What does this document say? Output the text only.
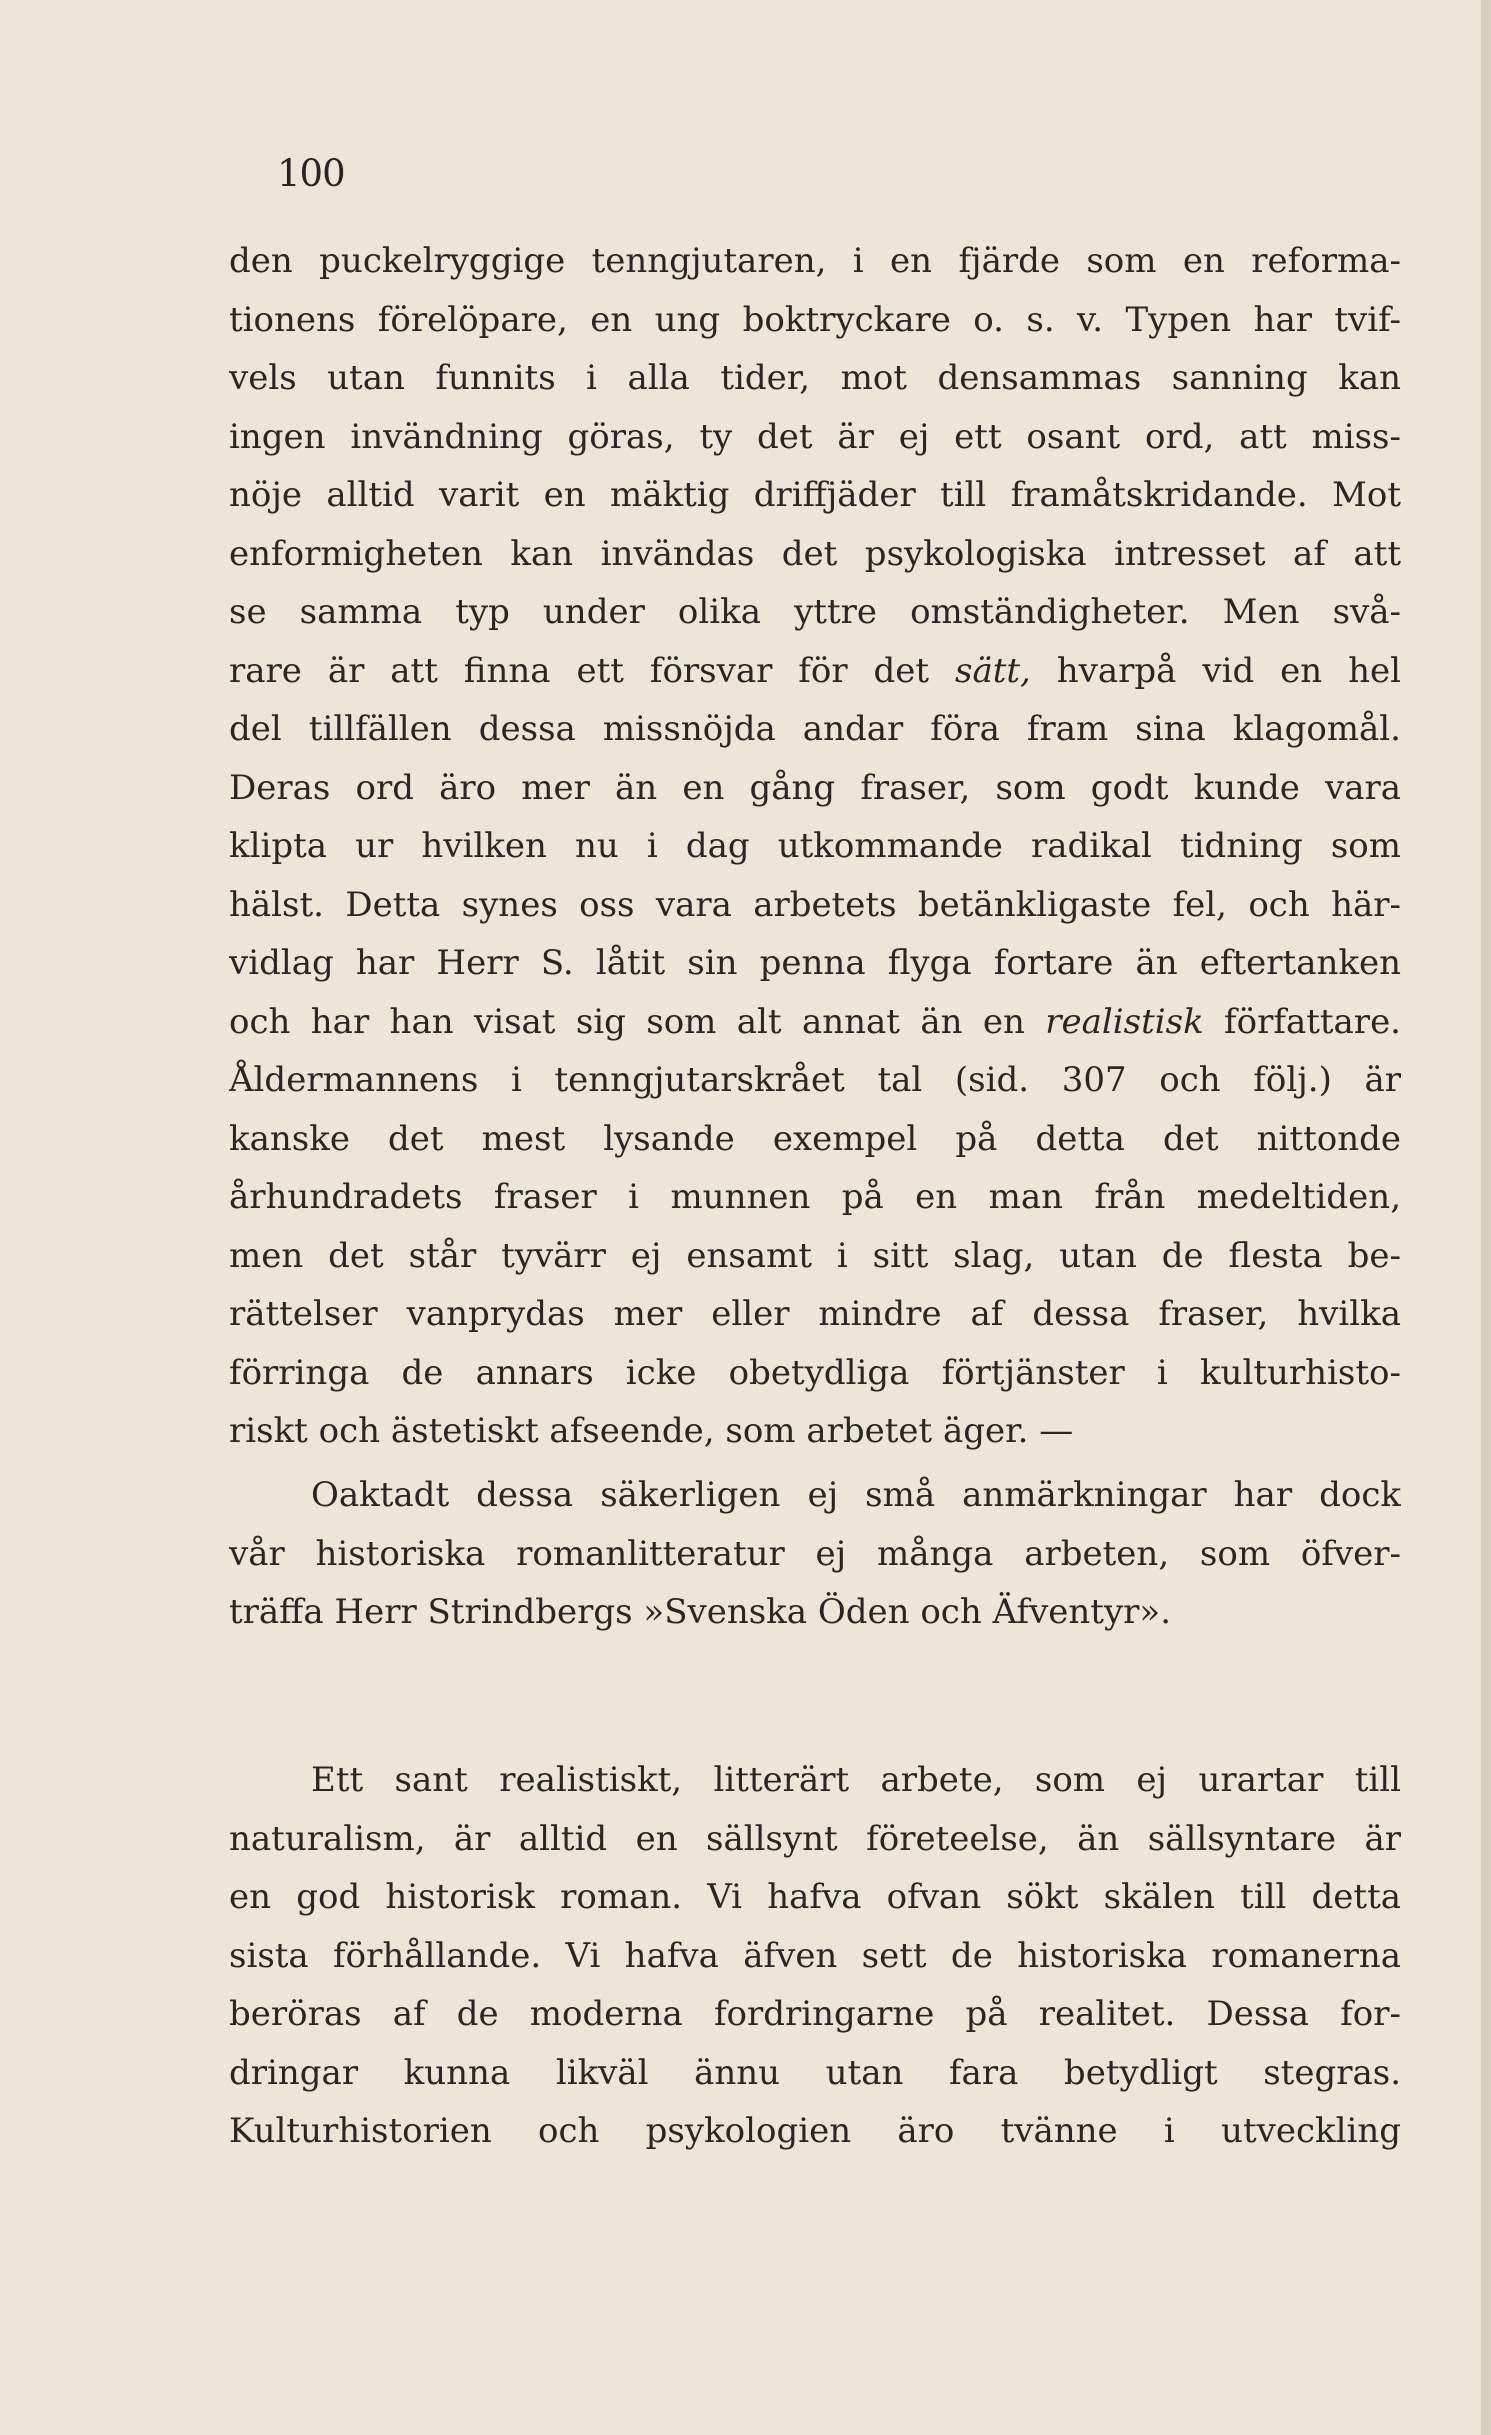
100
den puckelryggige tenngjutaren, i en fjärde som en reforma-
tionens förelöpare, en ung boktryckare o. s. v. Typen har tvif-
vels utan funnits i alla tider, mot densammas sanning kan
ingen invändning göras, ty det är ej ett osant ord, att miss-
nöje alltid varit en mäktig driffjäder till framåtskridande. Mot
enformigheten kan invändas det psykologiska intresset af att
se samma typ under olika yttre omständigheter. Men svå-
rare är att finna ett försvar för det sätt, hvarpå vid en hel
del tillfällen dessa missnöjda andar föra fram sina klagomål.
Deras ord äro mer än en gång fraser, som godt kunde vara
klipta ur hvilken nu i dag utkommande radikal tidning som
hälst. Detta synes oss vara arbetets betänkligaste fel, och här-
vidlag har Herr S. låtit sin penna flyga fortare än eftertanken
och har han visat sig som alt annat än en realistisk författare.
Åldermannens i tenngjutarskrået tal (sid. 307 och följ.) är
kanske det mest lysande exempel på detta det nittonde
århundradets fraser i munnen på en man från medeltiden,
men det står tyvärr ej ensamt i sitt slag, utan de flesta be-
rättelser vanprydas mer eller mindre af dessa fraser, hvilka
förringa de annars icke obetydliga förtjänster i kulturhisto-
riskt och ästetiskt afseende, som arbetet äger. —
Oaktadt dessa säkerligen ej små anmärkningar har dock
vår historiska romanlitteratur ej många arbeten, som öfver-
träffa Herr Strindbergs »Svenska Öden och Äfventyr».
Ett sant realistiskt, litterärt arbete, som ej urartar till
naturalism, är alltid en sällsynt företeelse, än sällsyntare är
en god historisk roman. Vi hafva ofvan sökt skälen till detta
sista förhållande. Vi hafva äfven sett de historiska romanerna
beröras af de moderna fordringarne på realitet. Dessa for-
dringar kunna likväl ännu utan fara betydligt stegras.
Kulturhistorien och psykologien äro tvänne i utveckling
